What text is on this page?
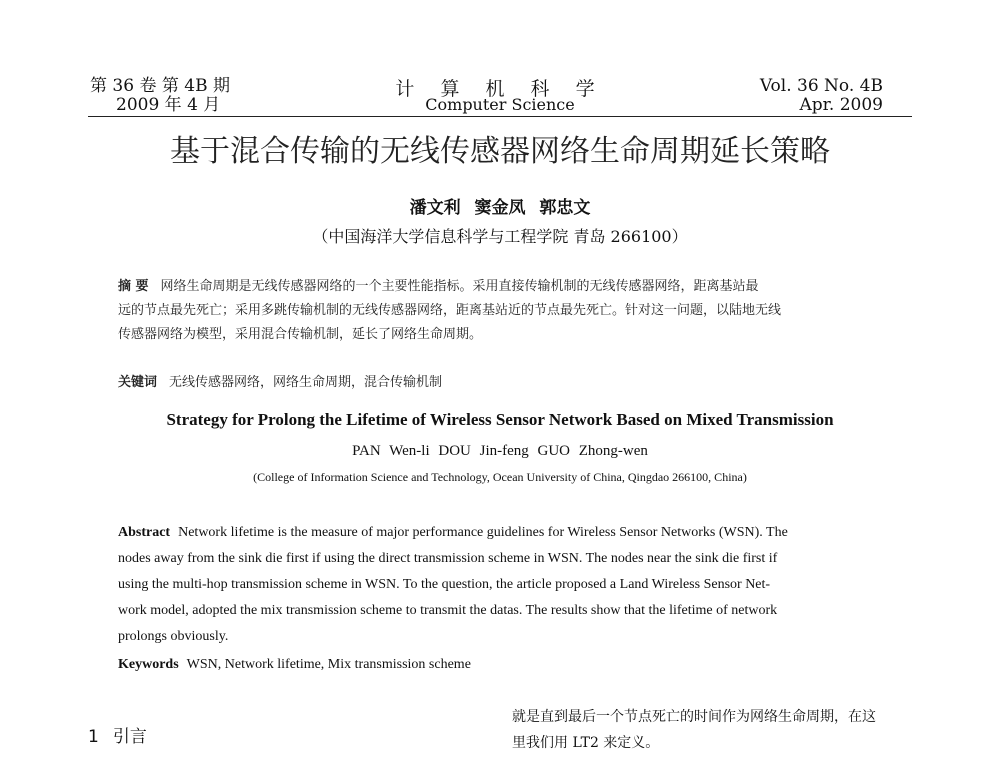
第 36 卷 第 4B 期
2009 年 4 月
计 算 机 科 学
Computer Science
Vol. 36 No. 4B
Apr. 2009
基于混合传输的无线传感器网络生命周期延长策略
潘文利 窦金凤 郭忠文
（中国海洋大学信息科学与工程学院 青岛 266100）
摘 要 网络生命周期是无线传感器网络的一个主要性能指标。采用直接传输机制的无线传感器网络，距离基站最
远的节点最先死亡；采用多跳传输机制的无线传感器网络，距离基站近的节点最先死亡。针对这一问题，以陆地无线
传感器网络为模型，采用混合传输机制，延长了网络生命周期。
关键词 无线传感器网络，网络生命周期，混合传输机制
Strategy for Prolong the Lifetime of Wireless Sensor Network Based on Mixed Transmission
PAN Wen-li DOU Jin-feng GUO Zhong-wen
(College of Information Science and Technology, Ocean University of China, Qingdao 266100, China)
Abstract Network lifetime is the measure of major performance guidelines for Wireless Sensor Networks (WSN). The
nodes away from the sink die first if using the direct transmission scheme in WSN. The nodes near the sink die first if
using the multi-hop transmission scheme in WSN. To the question, the article proposed a Land Wireless Sensor Net-
work model, adopted the mix transmission scheme to transmit the datas. The results show that the lifetime of network
prolongs obviously.
Keywords WSN, Network lifetime, Mix transmission scheme
1 引言
就是直到最后一个节点死亡的时间作为网络生命周期，在这
里我们用 LT2 来定义。
